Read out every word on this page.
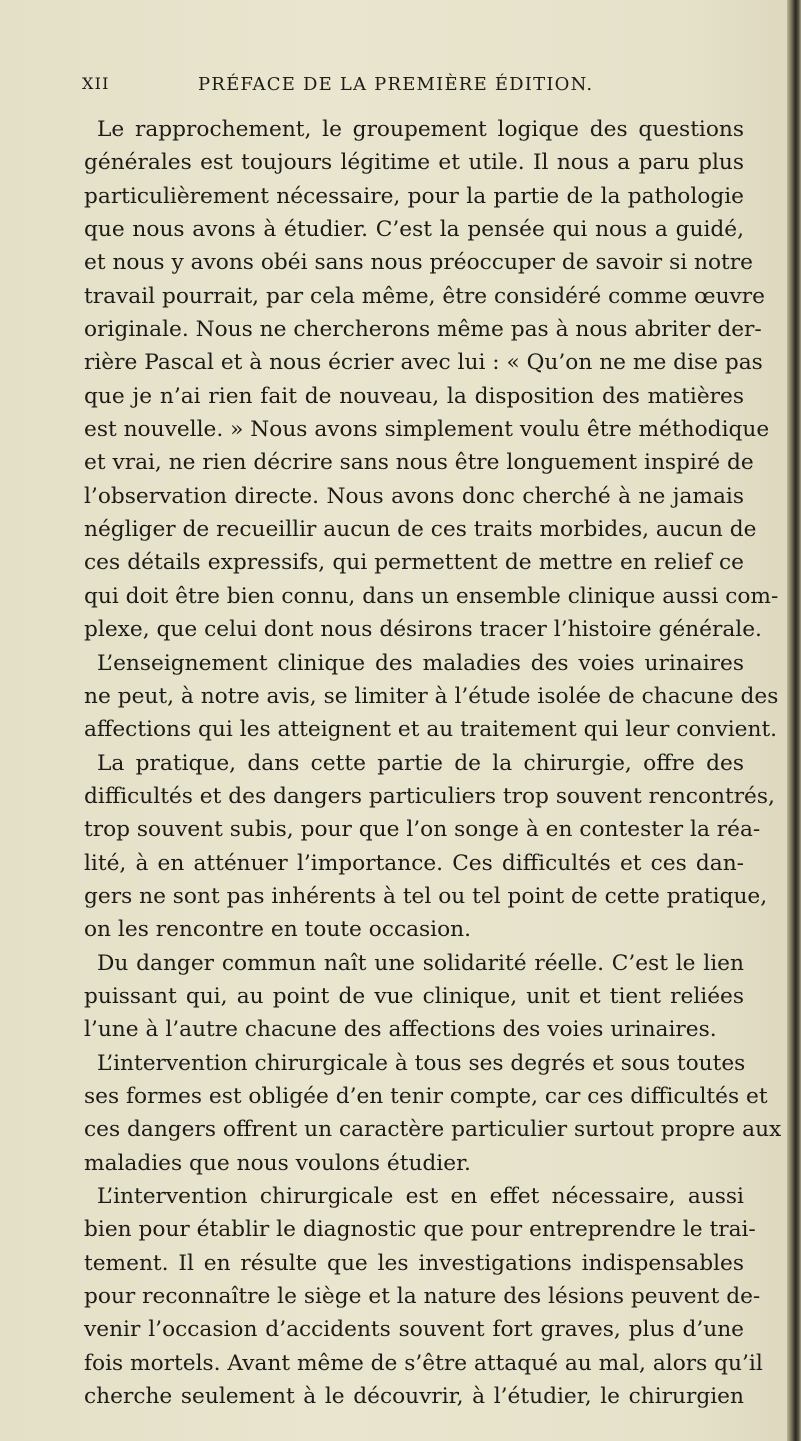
XII	PRÉFACE DE LA PREMIÈRE ÉDITION.
Le rapprochement, le groupement logique des questions
générales est toujours légitime et utile. Il nous a paru plus
particulièrement nécessaire, pour la partie de la pathologie
que nous avons à étudier. C’est la pensée qui nous a guidé,
et nous y avons obéi sans nous préoccuper de savoir si notre
travail pourrait, par cela même, être considéré comme œuvre
originale. Nous ne chercherons même pas à nous abriter der-
rière Pascal et à nous écrier avec lui : « Qu’on ne me dise pas
que je n’ai rien fait de nouveau, la disposition des matières
est nouvelle. » Nous avons simplement voulu être méthodique
et vrai, ne rien décrire sans nous être longuement inspiré de
l’observation directe. Nous avons donc cherché à ne jamais
négliger de recueillir aucun de ces traits morbides, aucun de
ces détails expressifs, qui permettent de mettre en relief ce
qui doit être bien connu, dans un ensemble clinique aussi com-
plexe, que celui dont nous désirons tracer l’histoire générale.
L’enseignement clinique des maladies des voies urinaires
ne peut, à notre avis, se limiter à l’étude isolée de chacune des
affections qui les atteignent et au traitement qui leur convient.
La pratique, dans cette partie de la chirurgie, offre des
difficultés et des dangers particuliers trop souvent rencontrés,
trop souvent subis, pour que l’on songe à en contester la réa-
lité, à en atténuer l’importance. Ces difficultés et ces dan-
gers ne sont pas inhérents à tel ou tel point de cette pratique,
on les rencontre en toute occasion.
Du danger commun naît une solidarité réelle. C’est le lien
puissant qui, au point de vue clinique, unit et tient reliées
l’une à l’autre chacune des affections des voies urinaires.
L’intervention chirurgicale à tous ses degrés et sous toutes
ses formes est obligée d’en tenir compte, car ces difficultés et
ces dangers offrent un caractère particulier surtout propre aux
maladies que nous voulons étudier.
L’intervention chirurgicale est en effet nécessaire, aussi
bien pour établir le diagnostic que pour entreprendre le trai-
tement. Il en résulte que les investigations indispensables
pour reconnaître le siège et la nature des lésions peuvent de-
venir l’occasion d’accidents souvent fort graves, plus d’une
fois mortels. Avant même de s’être attaqué au mal, alors qu’il
cherche seulement à le découvrir, à l’étudier, le chirurgien
